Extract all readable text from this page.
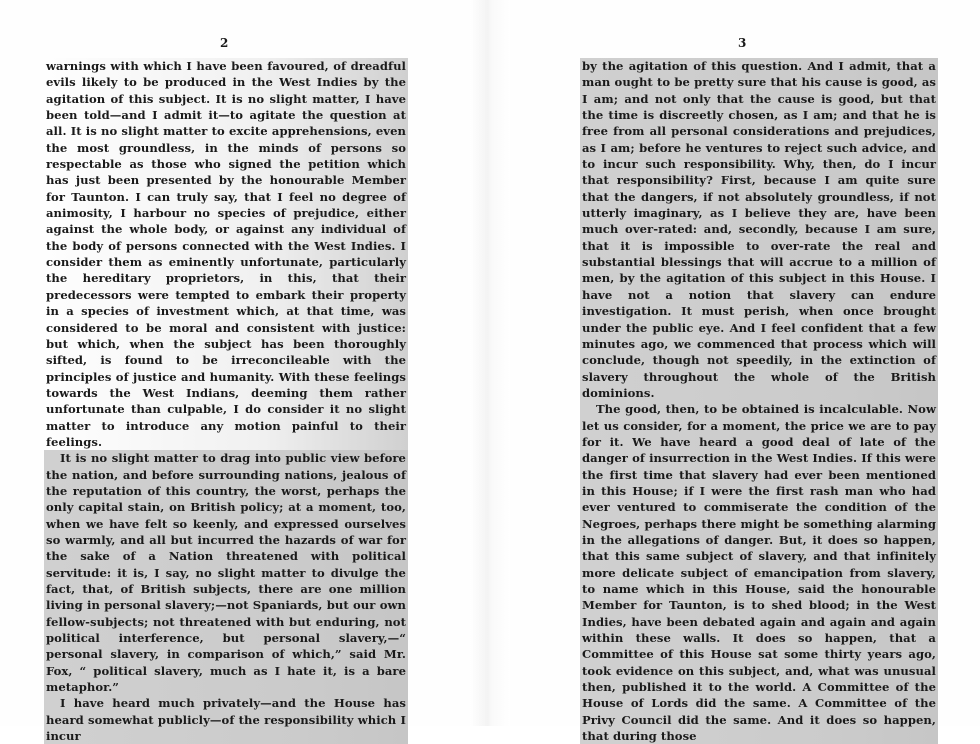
2

warnings with which I have been favoured, of dreadful evils likely to be produced in the West Indies by the agitation of this subject. It is no slight matter, I have been told—and I admit it—to agitate the question at all. It is no slight matter to excite apprehensions, even the most groundless, in the minds of persons so respectable as those who signed the petition which has just been presented by the honourable Member for Taunton. I can truly say, that I feel no degree of animosity, I harbour no species of prejudice, either against the whole body, or against any individual of the body of persons connected with the West Indies. I consider them as eminently unfortunate, particularly the hereditary proprietors, in this, that their predecessors were tempted to embark their property in a species of investment which, at that time, was considered to be moral and consistent with justice: but which, when the subject has been thoroughly sifted, is found to be irreconcileable with the principles of justice and humanity. With these feelings towards the West Indians, deeming them rather unfortunate than culpable, I do consider it no slight matter to introduce any motion painful to their feelings.

It is no slight matter to drag into public view before the nation, and before surrounding nations, jealous of the reputation of this country, the worst, perhaps the only capital stain, on British policy; at a moment, too, when we have felt so keenly, and expressed ourselves so warmly, and all but incurred the hazards of war for the sake of a Nation threatened with political servitude: it is, I say, no slight matter to divulge the fact, that, of British subjects, there are one million living in personal slavery;—not Spaniards, but our own fellow-subjects; not threatened with but enduring, not political interference, but personal slavery,—“ personal slavery, in comparison of which,” said Mr. Fox, “ political slavery, much as I hate it, is a bare metaphor.”

I have heard much privately—and the House has heard somewhat publicly—of the responsibility which I incur

3

by the agitation of this question. And I admit, that a man ought to be pretty sure that his cause is good, as I am; and not only that the cause is good, but that the time is discreetly chosen, as I am; and that he is free from all personal considerations and prejudices, as I am; before he ventures to reject such advice, and to incur such responsibility. Why, then, do I incur that responsibility? First, because I am quite sure that the dangers, if not absolutely groundless, if not utterly imaginary, as I believe they are, have been much over-rated: and, secondly, because I am sure, that it is impossible to over-rate the real and substantial blessings that will accrue to a million of men, by the agitation of this subject in this House. I have not a notion that slavery can endure investigation. It must perish, when once brought under the public eye. And I feel confident that a few minutes ago, we commenced that process which will conclude, though not speedily, in the extinction of slavery throughout the whole of the British dominions.

The good, then, to be obtained is incalculable. Now let us consider, for a moment, the price we are to pay for it. We have heard a good deal of late of the danger of insurrection in the West Indies. If this were the first time that slavery had ever been mentioned in this House; if I were the first rash man who had ever ventured to commiserate the condition of the Negroes, perhaps there might be something alarming in the allegations of danger. But, it does so happen, that this same subject of slavery, and that infinitely more delicate subject of emancipation from slavery, to name which in this House, said the honourable Member for Taunton, is to shed blood; in the West Indies, have been debated again and again and again within these walls. It does so happen, that a Committee of this House sat some thirty years ago, took evidence on this subject, and, what was unusual then, published it to the world. A Committee of the House of Lords did the same. A Committee of the Privy Council did the same. And it does so happen, that during those
